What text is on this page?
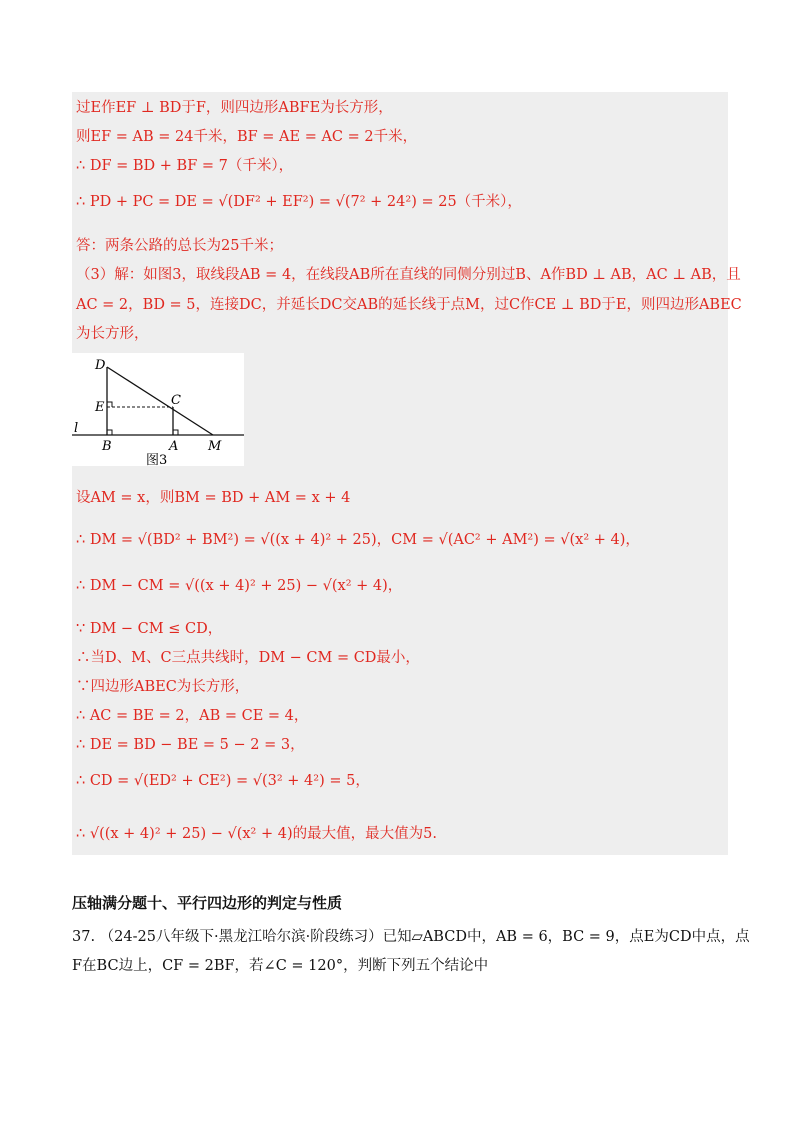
过E作EF ⊥ BD于F，则四边形ABFE为长方形，
则EF = AB = 24千米，BF = AE = AC = 2千米，
∴ DF = BD + BF = 7（千米），
∴ PD + PC = DE = √(DF² + EF²) = √(7² + 24²) = 25（千米），
答：两条公路的总长为25千米；
（3）解：如图3，取线段AB = 4，在线段AB所在直线的同侧分别过B、A作BD ⊥ AB，AC ⊥ AB，且
AC = 2，BD = 5，连接DC，并延长DC交AB的延长线于点M，过C作CE ⊥ BD于E，则四边形ABEC
为长方形，
D
E	C
l
B	A M
图3
设AM = x，则BM = BD + AM = x + 4
∴ DM = √(BD² + BM²) = √((x + 4)² + 25)，CM = √(AC² + AM²) = √(x² + 4)，
∴ DM − CM = √((x + 4)² + 25) − √(x² + 4)，
∵ DM − CM ≤ CD，
∴当D、M、C三点共线时，DM − CM = CD最小，
∵四边形ABEC为长方形，
∴ AC = BE = 2，AB = CE = 4，
∴ DE = BD − BE = 5 − 2 = 3，
∴ CD = √(ED² + CE²) = √(3² + 4²) = 5，
∴ √((x + 4)² + 25) − √(x² + 4)的最大值，最大值为5.
压轴满分题十、平行四边形的判定与性质
37. （24-25八年级下·黑龙江哈尔滨·阶段练习）已知▱ABCD中，AB = 6，BC = 9，点E为CD中点，点
F在BC边上，CF = 2BF，若∠C = 120°，判断下列五个结论中
